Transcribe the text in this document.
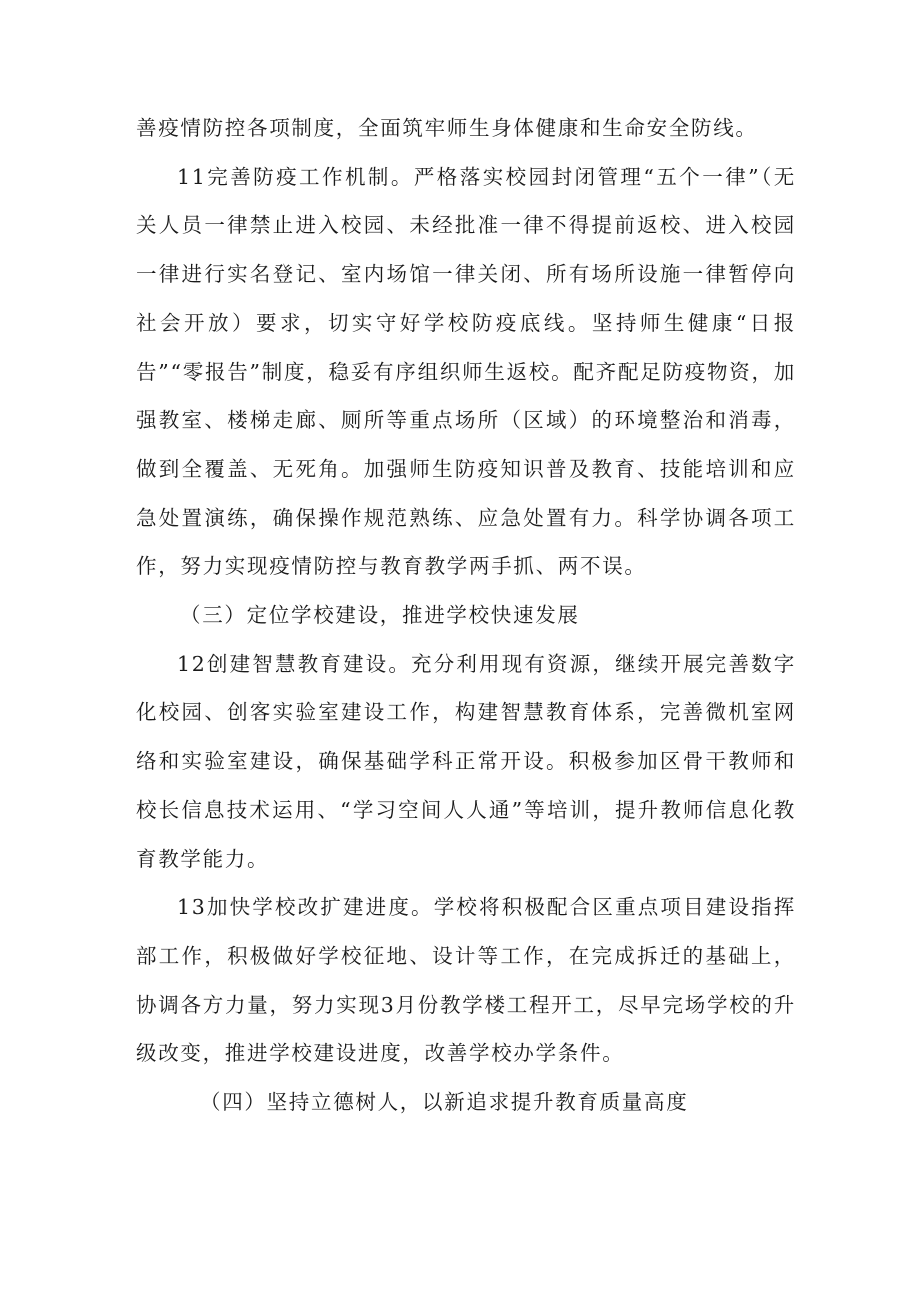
善疫情防控各项制度，全面筑牢师生身体健康和生命安全防线。

11完善防疫工作机制。严格落实校园封闭管理“五个一律”（无关人员一律禁止进入校园、未经批准一律不得提前返校、进入校园一律进行实名登记、室内场馆一律关闭、所有场所设施一律暂停向社会开放）要求，切实守好学校防疫底线。坚持师生健康“日报告”“零报告”制度，稳妥有序组织师生返校。配齐配足防疫物资，加强教室、楼梯走廊、厕所等重点场所（区域）的环境整治和消毒，做到全覆盖、无死角。加强师生防疫知识普及教育、技能培训和应急处置演练，确保操作规范熟练、应急处置有力。科学协调各项工作，努力实现疫情防控与教育教学两手抓、两不误。

（三）定位学校建设，推进学校快速发展

12创建智慧教育建设。充分利用现有资源，继续开展完善数字化校园、创客实验室建设工作，构建智慧教育体系，完善微机室网络和实验室建设，确保基础学科正常开设。积极参加区骨干教师和校长信息技术运用、“学习空间人人通”等培训，提升教师信息化教育教学能力。

13加快学校改扩建进度。学校将积极配合区重点项目建设指挥部工作，积极做好学校征地、设计等工作，在完成拆迁的基础上，协调各方力量，努力实现3月份教学楼工程开工，尽早完场学校的升级改变，推进学校建设进度，改善学校办学条件。

（四）坚持立德树人，以新追求提升教育质量高度
